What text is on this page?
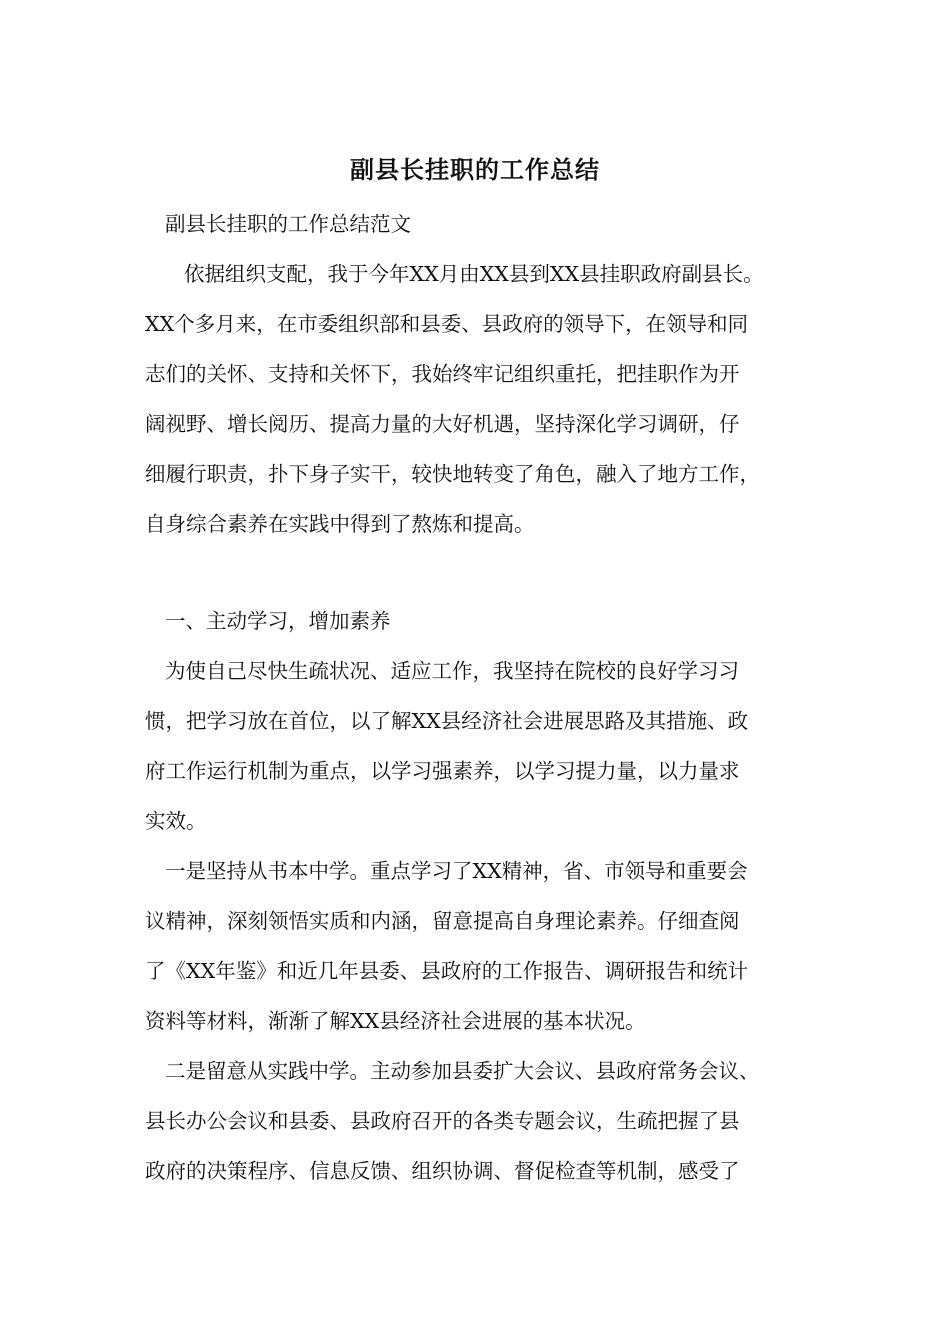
副县长挂职的工作总结
副县长挂职的工作总结范文
依据组织支配，我于今年XX月由XX县到XX县挂职政府副县长。
XX个多月来，在市委组织部和县委、县政府的领导下，在领导和同
志们的关怀、支持和关怀下，我始终牢记组织重托，把挂职作为开
阔视野、增长阅历、提高力量的大好机遇，坚持深化学习调研，仔
细履行职责，扑下身子实干，较快地转变了角色，融入了地方工作，
自身综合素养在实践中得到了熬炼和提高。
一、主动学习，增加素养
为使自己尽快生疏状况、适应工作，我坚持在院校的良好学习习
惯，把学习放在首位，以了解XX县经济社会进展思路及其措施、政
府工作运行机制为重点，以学习强素养，以学习提力量，以力量求
实效。
一是坚持从书本中学。重点学习了XX精神，省、市领导和重要会
议精神，深刻领悟实质和内涵，留意提高自身理论素养。仔细查阅
了《XX年鉴》和近几年县委、县政府的工作报告、调研报告和统计
资料等材料，渐渐了解XX县经济社会进展的基本状况。
二是留意从实践中学。主动参加县委扩大会议、县政府常务会议、
县长办公会议和县委、县政府召开的各类专题会议，生疏把握了县
政府的决策程序、信息反馈、组织协调、督促检查等机制，感受了
